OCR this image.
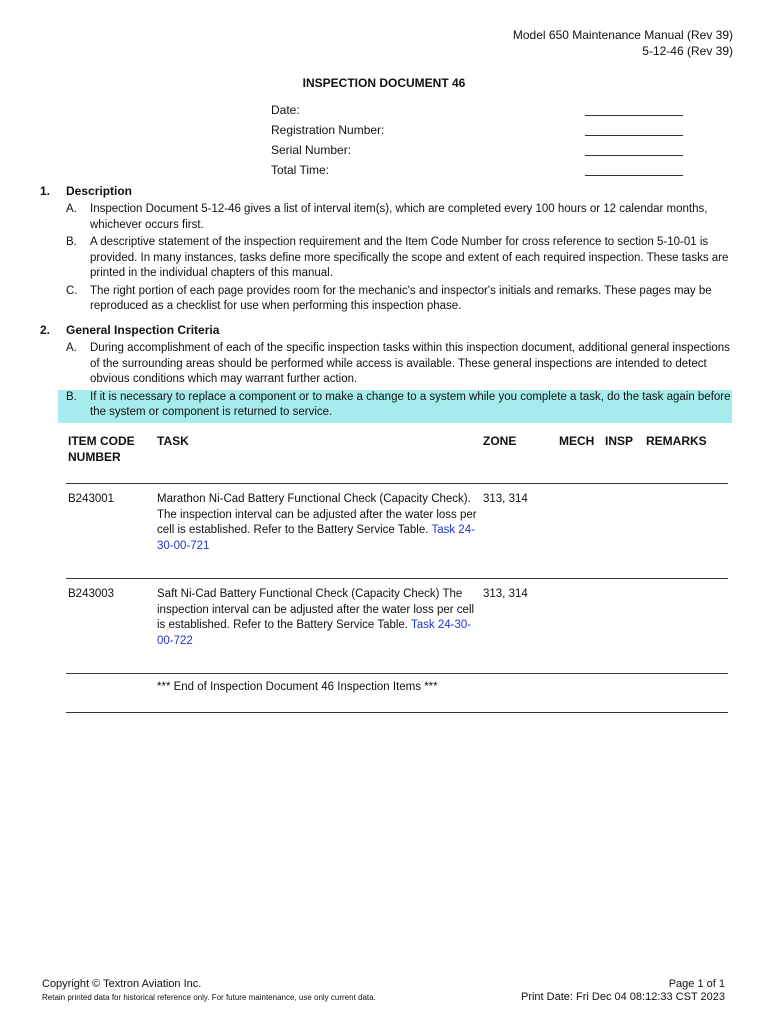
Model 650 Maintenance Manual (Rev 39)
5-12-46 (Rev 39)
INSPECTION DOCUMENT 46
Date:
Registration Number:
Serial Number:
Total Time:
1.	Description
A.	Inspection Document 5-12-46 gives a list of interval item(s), which are completed every 100 hours or 12 calendar months, whichever occurs first.
B.	A descriptive statement of the inspection requirement and the Item Code Number for cross reference to section 5-10-01 is provided. In many instances, tasks define more specifically the scope and extent of each required inspection. These tasks are printed in the individual chapters of this manual.
C.	The right portion of each page provides room for the mechanic's and inspector's initials and remarks. These pages may be reproduced as a checklist for use when performing this inspection phase.
2.	General Inspection Criteria
A.	During accomplishment of each of the specific inspection tasks within this inspection document, additional general inspections of the surrounding areas should be performed while access is available. These general inspections are intended to detect obvious conditions which may warrant further action.
B.	If it is necessary to replace a component or to make a change to a system while you complete a task, do the task again before the system or component is returned to service.
ITEM CODE NUMBER	TASK	ZONE	MECH	INSP	REMARKS
B243001	Marathon Ni-Cad Battery Functional Check (Capacity Check). The inspection interval can be adjusted after the water loss per cell is established. Refer to the Battery Service Table. Task 24-30-00-721	313, 314			
B243003	Saft Ni-Cad Battery Functional Check (Capacity Check) The inspection interval can be adjusted after the water loss per cell is established. Refer to the Battery Service Table. Task 24-30-00-722	313, 314			
	*** End of Inspection Document 46 Inspection Items ***				
Copyright © Textron Aviation Inc.
Retain printed data for historical reference only. For future maintenance, use only current data.
Page 1 of 1
Print Date: Fri Dec 04 08:12:33 CST 2023
